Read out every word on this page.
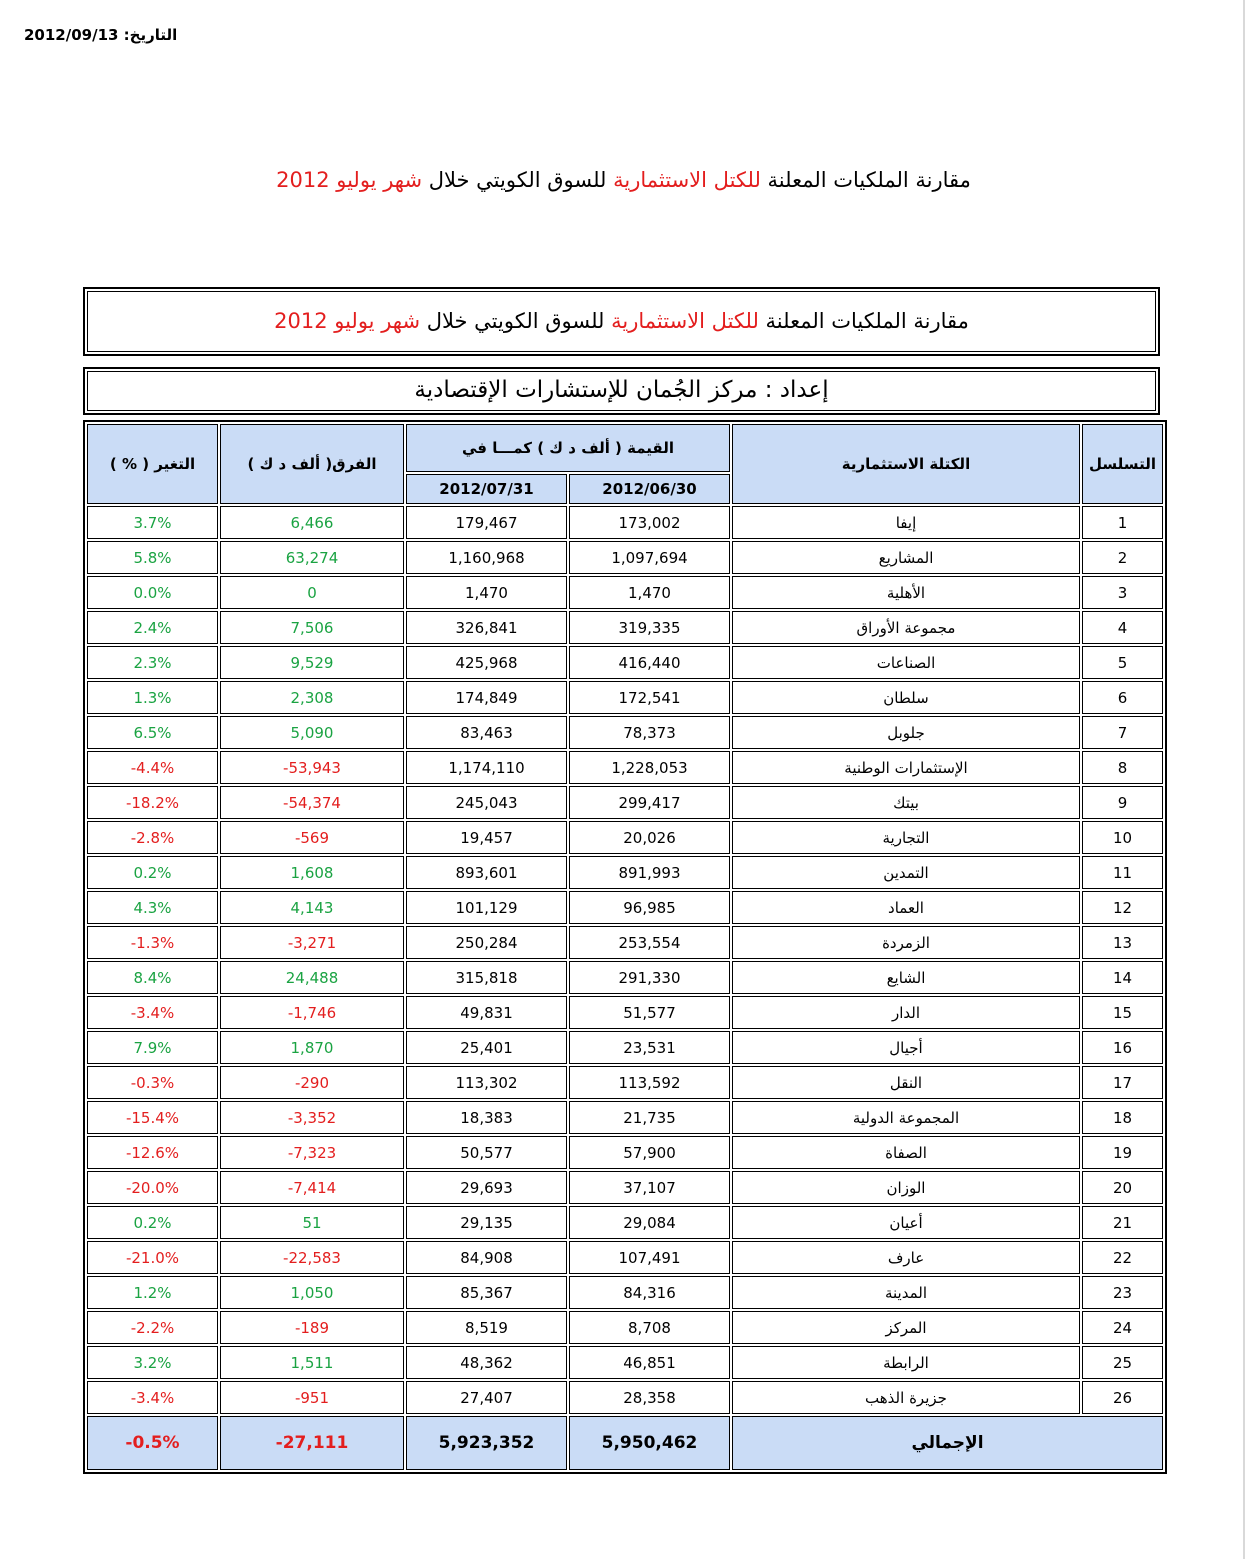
التاريخ: 2012/09/13
مقارنة الملكيات المعلنة للكتل الاستثمارية للسوق الكويتي خلال شهر يوليو 2012
مقارنة الملكيات المعلنة للكتل الاستثمارية للسوق الكويتي خلال شهر يوليو 2012
إعداد : مركز الجُمان للإستشارات الإقتصادية
التغير ( % )	الفرق( ألف د ك )	القيمة ( ألف د ك ) كمـــا في		الكتلة الاستثمارية	التسلسل
		2012/07/31	2012/06/30		
3.7%	6,466	179,467	173,002	إيفا	1
5.8%	63,274	1,160,968	1,097,694	المشاريع	2
0.0%	0	1,470	1,470	الأهلية	3
2.4%	7,506	326,841	319,335	مجموعة الأوراق	4
2.3%	9,529	425,968	416,440	الصناعات	5
1.3%	2,308	174,849	172,541	سلطان	6
6.5%	5,090	83,463	78,373	جلوبل	7
-4.4%	-53,943	1,174,110	1,228,053	الإستثمارات الوطنية	8
-18.2%	-54,374	245,043	299,417	بيتك	9
-2.8%	-569	19,457	20,026	التجارية	10
0.2%	1,608	893,601	891,993	التمدين	11
4.3%	4,143	101,129	96,985	العماد	12
-1.3%	-3,271	250,284	253,554	الزمردة	13
8.4%	24,488	315,818	291,330	الشايع	14
-3.4%	-1,746	49,831	51,577	الدار	15
7.9%	1,870	25,401	23,531	أجيال	16
-0.3%	-290	113,302	113,592	النقل	17
-15.4%	-3,352	18,383	21,735	المجموعة الدولية	18
-12.6%	-7,323	50,577	57,900	الصفاة	19
-20.0%	-7,414	29,693	37,107	الوزان	20
0.2%	51	29,135	29,084	أعيان	21
-21.0%	-22,583	84,908	107,491	عارف	22
1.2%	1,050	85,367	84,316	المدينة	23
-2.2%	-189	8,519	8,708	المركز	24
3.2%	1,511	48,362	46,851	الرابطة	25
-3.4%	-951	27,407	28,358	جزيرة الذهب	26
-0.5%	-27,111	5,923,352	5,950,462	الإجمالي	
